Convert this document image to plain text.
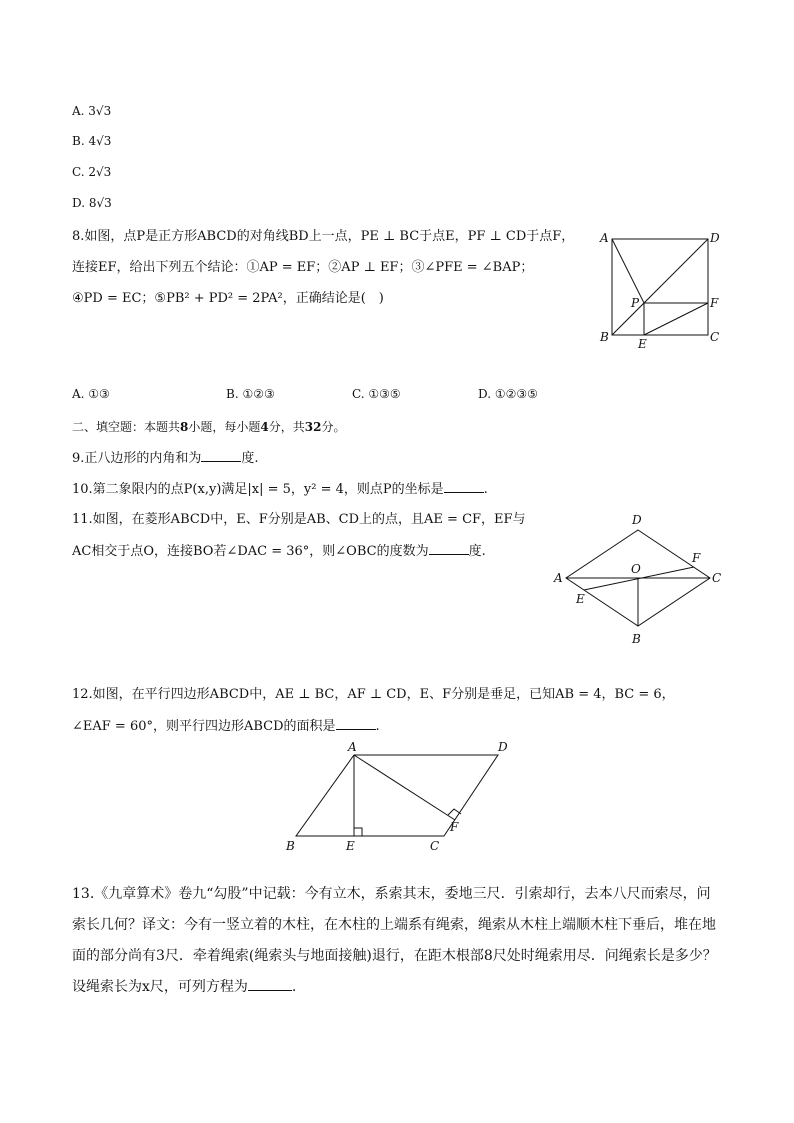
A. 3√3
B. 4√3
C. 2√3
D. 8√3
8.如图，点P是正方形ABCD的对角线BD上一点，PE ⊥ BC于点E，PF ⊥ CD于点F，
连接EF，给出下列五个结论：①AP = EF；②AP ⊥ EF；③∠PFE = ∠BAP；
④PD = EC；⑤PB² + PD² = 2PA²，正确结论是(　)
A	D
P	F
B E	C
A. ①③	B. ①②③	C. ①③⑤	D. ①②③⑤
二、填空题：本题共8小题，每小题4分，共32分。
9.正八边形的内角和为	度.
10.第二象限内的点P(x,y)满足|x| = 5，y² = 4，则点P的坐标是	.
11.如图，在菱形ABCD中，E、F分别是AB、CD上的点，且AE = CF，EF与
AC相交于点O，连接BO若∠DAC = 36°，则∠OBC的度数为	度.
D
F
O
A	C
E
B
12.如图，在平行四边形ABCD中，AE ⊥ BC，AF ⊥ CD，E、F分别是垂足，已知AB = 4，BC = 6，
∠EAF = 60°，则平行四边形ABCD的面积是	.
A	D
F
B	E	C
13.《九章算术》卷九“勾股”中记载：今有立木，系索其末，委地三尺．引索却行，去本八尺而索尽，问
索长几何？译文：今有一竖立着的木柱，在木柱的上端系有绳索，绳索从木柱上端顺木柱下垂后，堆在地
面的部分尚有3尺．牵着绳索(绳索头与地面接触)退行，在距木根部8尺处时绳索用尽．问绳索长是多少？
设绳索长为x尺，可列方程为	.
